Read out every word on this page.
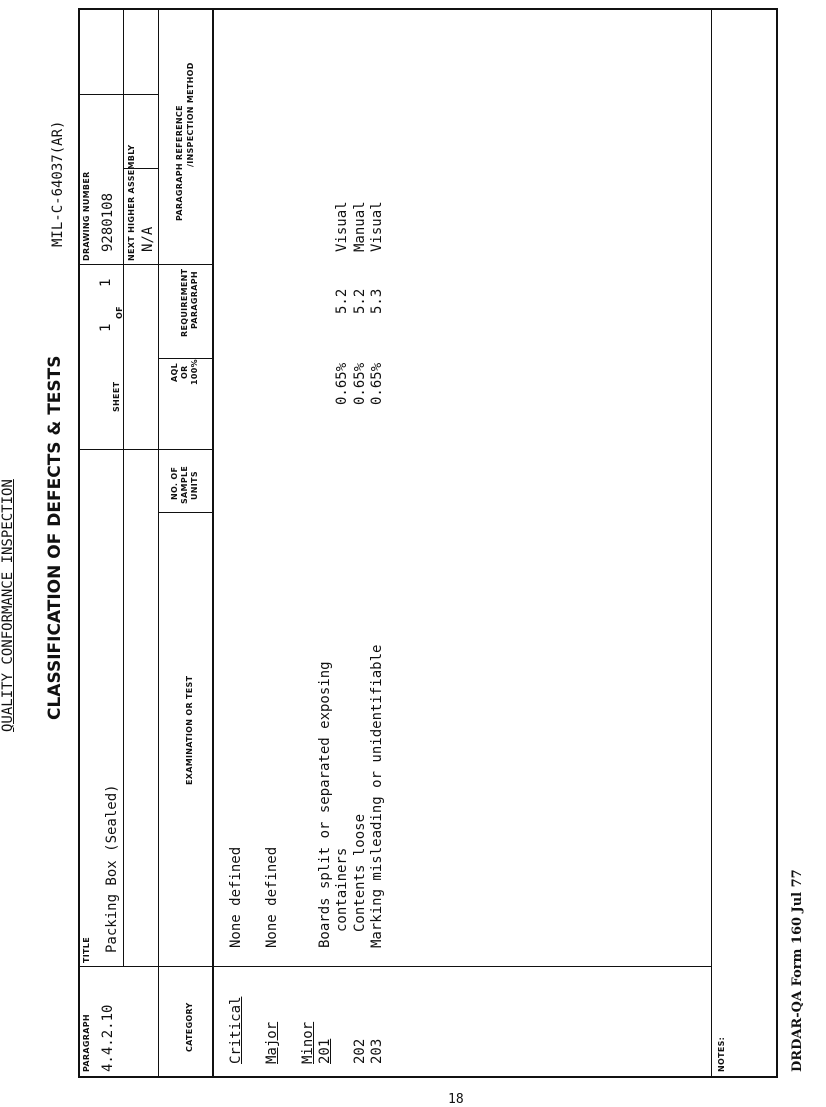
QUALITY CONFORMANCE INSPECTION CLASSIFICATION OF DEFECTS & TESTS
MIL-C-64037(AR)
NOTES:
PARAGRAPH 4.4.2.10
TITLE Packing Box (Sealed)
SHEET
1
OF
1
DRAWING NUMBER 9280108 NEXT HIGHER ASSEMBLY N/A
CATEGORY
EXAMINATION OR TEST
NO. OF SAMPLE UNITS
AQL OR 100%
REQUIREMENT PARAGRAPH
PARAGRAPH REFERENCE /INSPECTION METHOD
Critical
None defined
Major
None defined
Minor 201
Boards split or separated exposing containers
0.65%
5.2
Visual
202
Contents loose
0.65%
5.2
Manual
203
Marking misleading or unidentifiable
0.65%
5.3
Visual
DRDAR-QA Form 160 Jul 77
18
